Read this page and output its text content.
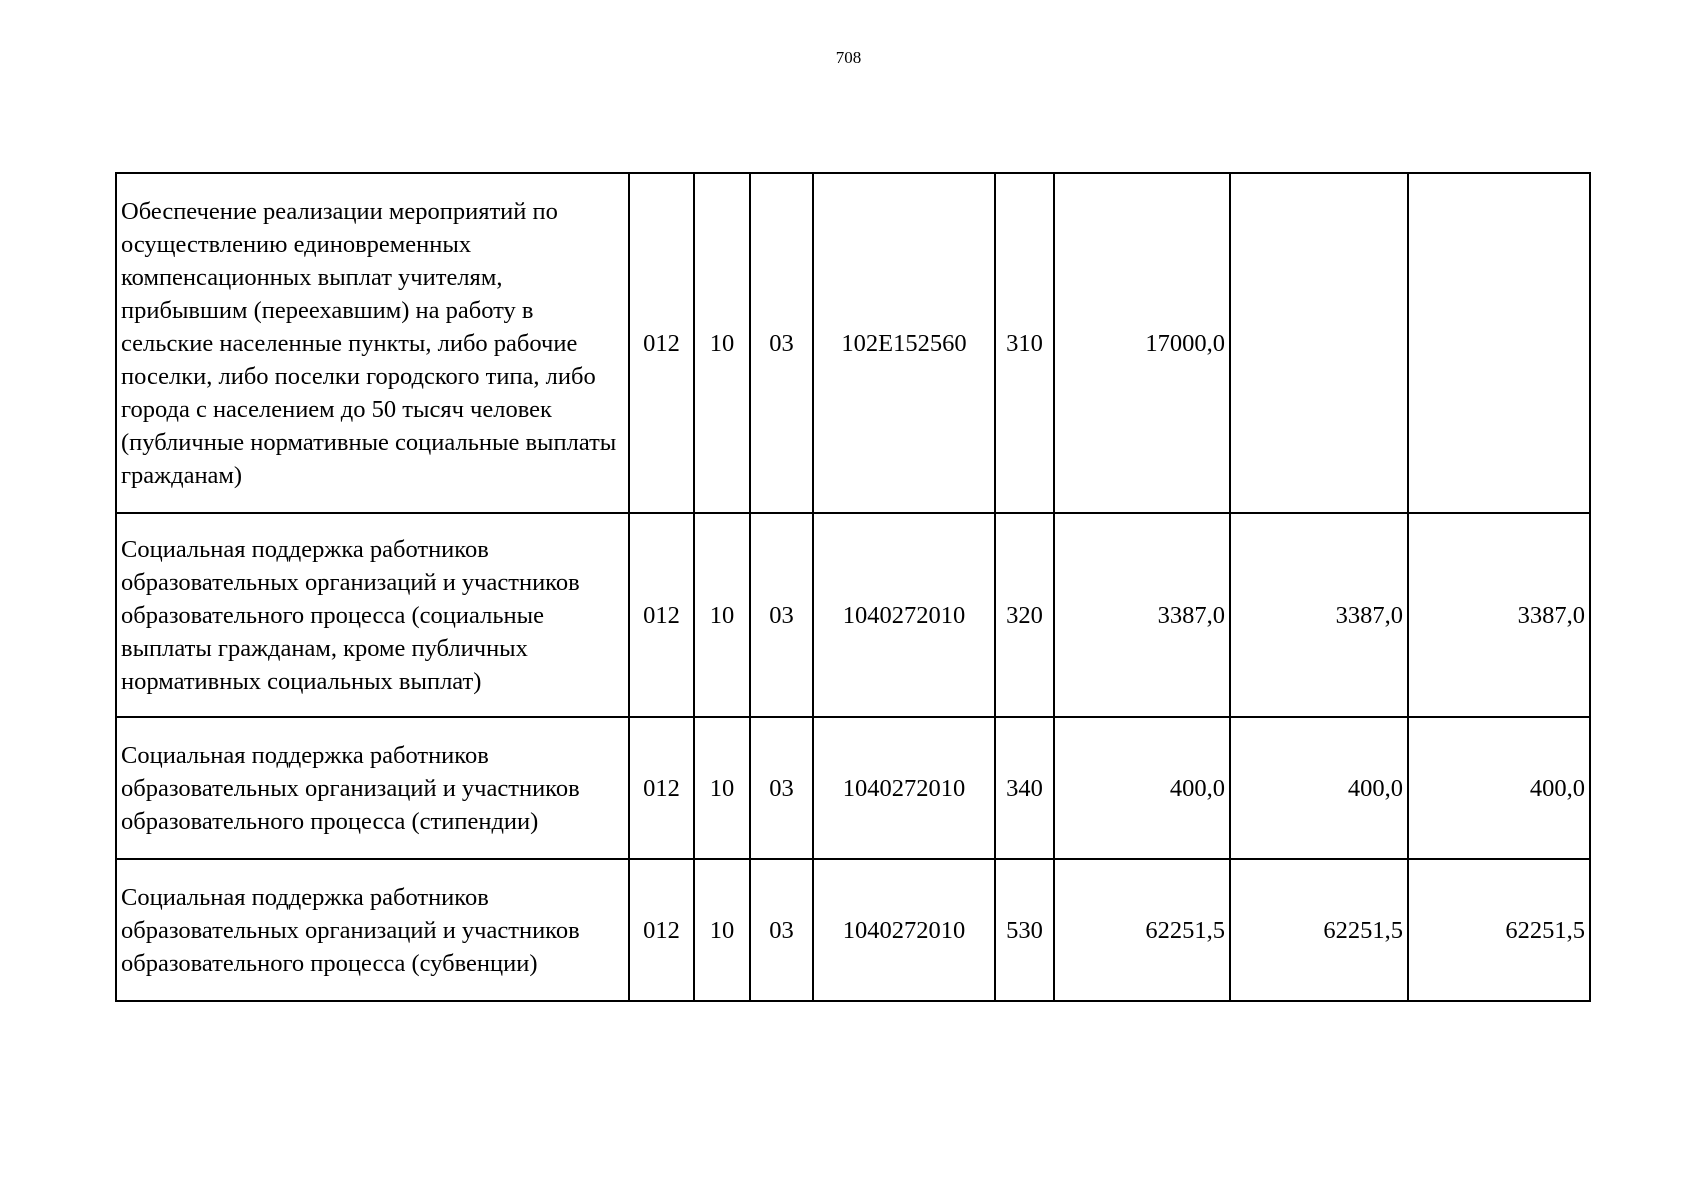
708
Обеспечение реализации мероприятий по осуществлению единовременных компенсационных выплат учителям, прибывшим (переехавшим) на работу в сельские населенные пункты, либо рабочие поселки, либо поселки городского типа, либо города с населением до 50 тысяч человек (публичные нормативные социальные выплаты гражданам)	012	10	03	102E152560	310	17000,0		
Социальная поддержка работников образовательных организаций и участников образовательного процесса (социальные выплаты гражданам, кроме публичных нормативных социальных выплат)	012	10	03	1040272010	320	3387,0	3387,0	3387,0
Социальная поддержка работников образовательных организаций и участников образовательного процесса (стипендии)	012	10	03	1040272010	340	400,0	400,0	400,0
Социальная поддержка работников образовательных организаций и участников образовательного процесса (субвенции)	012	10	03	1040272010	530	62251,5	62251,5	62251,5
